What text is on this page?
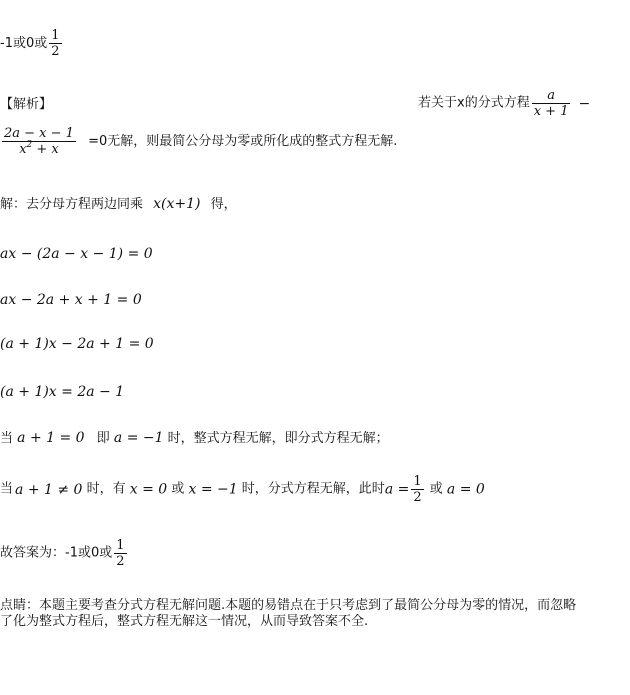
-1或0或 $\frac{1}{2}$
【解析】	若关于x的分式方程 $\frac{a}{x + 1}$ −
$\frac{2a - x - 1}{x^2 + x} =0$无解，则最简公分母为零或所化成的整式方程无解.
解：去分母方程两边同乘 x(x+1) 得，
ax − (2a − x − 1) = 0
ax − 2a + x + 1 = 0
(a + 1)x − 2a + 1 = 0
(a + 1)x = 2a − 1
当 a + 1 = 0 即 a = −1 时，整式方程无解，即分式方程无解；
当 a + 1 ≠ 0 时，有 x = 0 或 x = −1 时，分式方程无解，此时$a = \frac{1}{2}$ 或 a = 0
故答案为：-1或0或 $\frac{1}{2}$
点睛：本题主要考查分式方程无解问题.本题的易错点在于只考虑到了最简公分母为零的情况，而忽略
了化为整式方程后，整式方程无解这一情况，从而导致答案不全.
